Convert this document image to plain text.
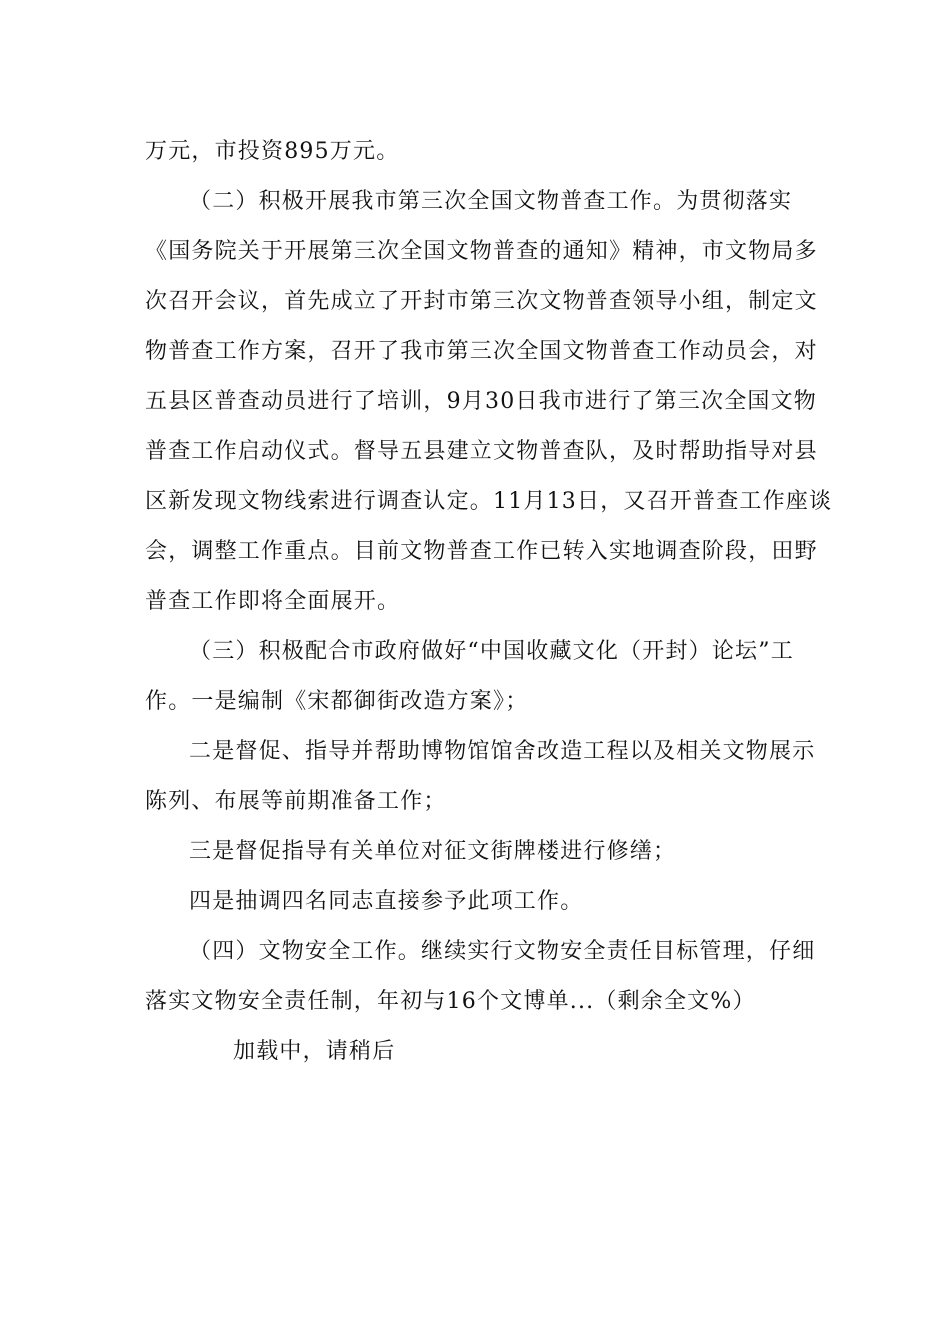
万元，市投资895万元。
（二）积极开展我市第三次全国文物普查工作。为贯彻落实
《国务院关于开展第三次全国文物普查的通知》精神，市文物局多
次召开会议，首先成立了开封市第三次文物普查领导小组，制定文
物普查工作方案，召开了我市第三次全国文物普查工作动员会，对
五县区普查动员进行了培训，9月30日我市进行了第三次全国文物
普查工作启动仪式。督导五县建立文物普查队，及时帮助指导对县
区新发现文物线索进行调查认定。11月13日，又召开普查工作座谈
会，调整工作重点。目前文物普查工作已转入实地调查阶段，田野
普查工作即将全面展开。
（三）积极配合市政府做好“中国收藏文化（开封）论坛”工
作。一是编制《宋都御街改造方案》；
二是督促、指导并帮助博物馆馆舍改造工程以及相关文物展示
陈列、布展等前期准备工作；
三是督促指导有关单位对征文街牌楼进行修缮；
四是抽调四名同志直接参予此项工作。
（四）文物安全工作。继续实行文物安全责任目标管理，仔细
落实文物安全责任制，年初与16个文博单...（剩余全文%）
加载中，请稍后
